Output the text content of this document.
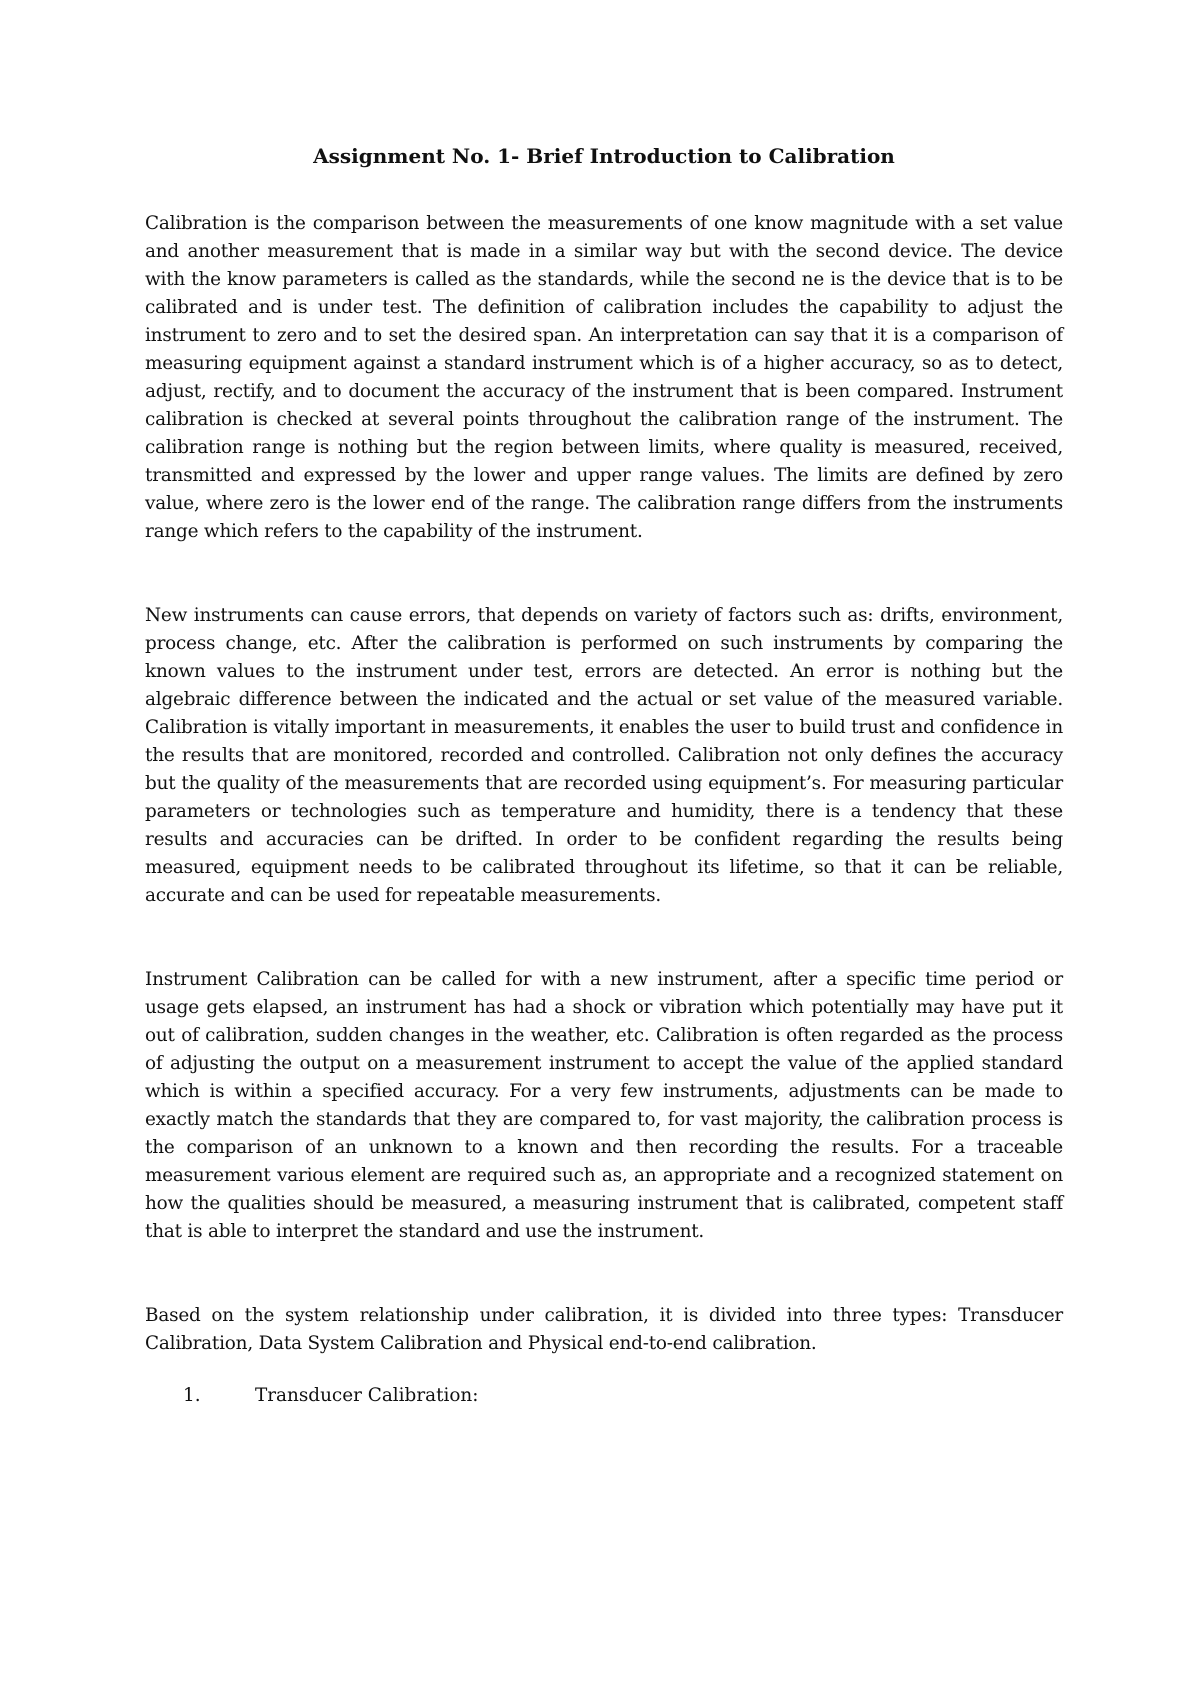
Assignment No. 1- Brief Introduction to Calibration

Calibration is the comparison between the measurements of one know magnitude with a set value and another measurement that is made in a similar way but with the second device. The device with the know parameters is called as the standards, while the second ne is the device that is to be calibrated and is under test. The definition of calibration includes the capability to adjust the instrument to zero and to set the desired span. An interpretation can say that it is a comparison of measuring equipment against a standard instrument which is of a higher accuracy, so as to detect, adjust, rectify, and to document the accuracy of the instrument that is been compared. Instrument calibration is checked at several points throughout the calibration range of the instrument. The calibration range is nothing but the region between limits, where quality is measured, received, transmitted and expressed by the lower and upper range values. The limits are defined by zero value, where zero is the lower end of the range. The calibration range differs from the instruments range which refers to the capability of the instrument.

New instruments can cause errors, that depends on variety of factors such as: drifts, environment, process change, etc. After the calibration is performed on such instruments by comparing the known values to the instrument under test, errors are detected. An error is nothing but the algebraic difference between the indicated and the actual or set value of the measured variable. Calibration is vitally important in measurements, it enables the user to build trust and confidence in the results that are monitored, recorded and controlled. Calibration not only defines the accuracy but the quality of the measurements that are recorded using equipment’s. For measuring particular parameters or technologies such as temperature and humidity, there is a tendency that these results and accuracies can be drifted. In order to be confident regarding the results being measured, equipment needs to be calibrated throughout its lifetime, so that it can be reliable, accurate and can be used for repeatable measurements.

Instrument Calibration can be called for with a new instrument, after a specific time period or usage gets elapsed, an instrument has had a shock or vibration which potentially may have put it out of calibration, sudden changes in the weather, etc. Calibration is often regarded as the process of adjusting the output on a measurement instrument to accept the value of the applied standard which is within a specified accuracy. For a very few instruments, adjustments can be made to exactly match the standards that they are compared to, for vast majority, the calibration process is the comparison of an unknown to a known and then recording the results. For a traceable measurement various element are required such as, an appropriate and a recognized statement on how the qualities should be measured, a measuring instrument that is calibrated, competent staff that is able to interpret the standard and use the instrument.

Based on the system relationship under calibration, it is divided into three types: Transducer Calibration, Data System Calibration and Physical end-to-end calibration.

1.	Transducer Calibration:
